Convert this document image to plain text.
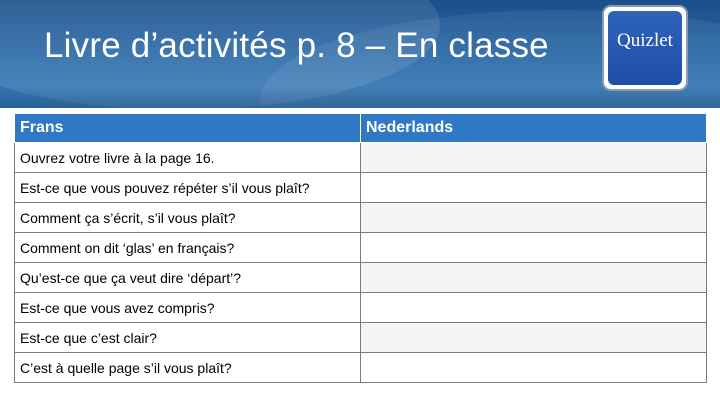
Livre d’activités p. 8 – En classe	Quizlet
Frans	Nederlands
Ouvrez votre livre à la page 16.	
Est-ce que vous pouvez répéter s’il vous plaît?	
Comment ça s’écrit, s’il vous plaît?	
Comment on dit ‘glas’ en français?	
Qu’est-ce que ça veut dire ‘départ’?	
Est-ce que vous avez compris?	
Est-ce que c’est clair?	
C’est à quelle page s’il vous plaît?	
